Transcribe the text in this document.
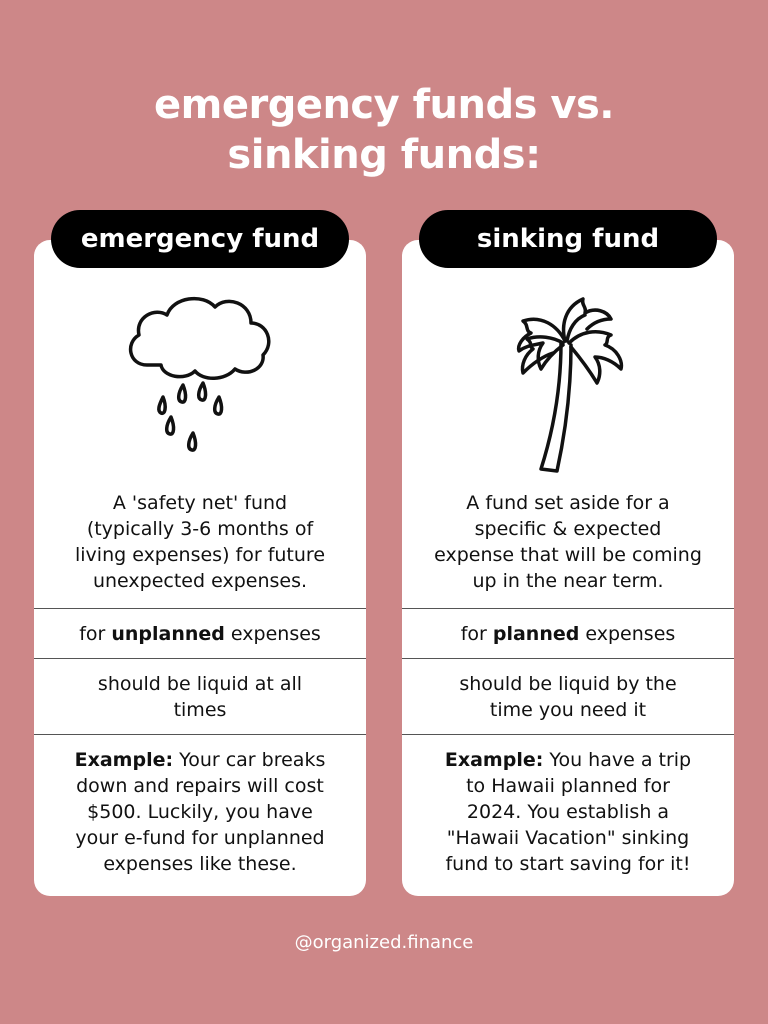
emergency funds vs.
sinking funds:

A 'safety net' fund

(typically 3-6 months of

living expenses) for future

unexpected expenses.

for unplanned expenses
should be liquid at all
times
Example: Your car breaks
down and repairs will cost
$500. Luckily, you have
your e-fund for unplanned
expenses like these.
emergency fund

A fund set aside for a

specific & expected

expense that will be coming

up in the near term.

for planned expenses
should be liquid by the
time you need it
Example: You have a trip
to Hawaii planned for
2024. You establish a
"Hawaii Vacation" sinking
fund to start saving for it!
sinking fund
@organized.finance
